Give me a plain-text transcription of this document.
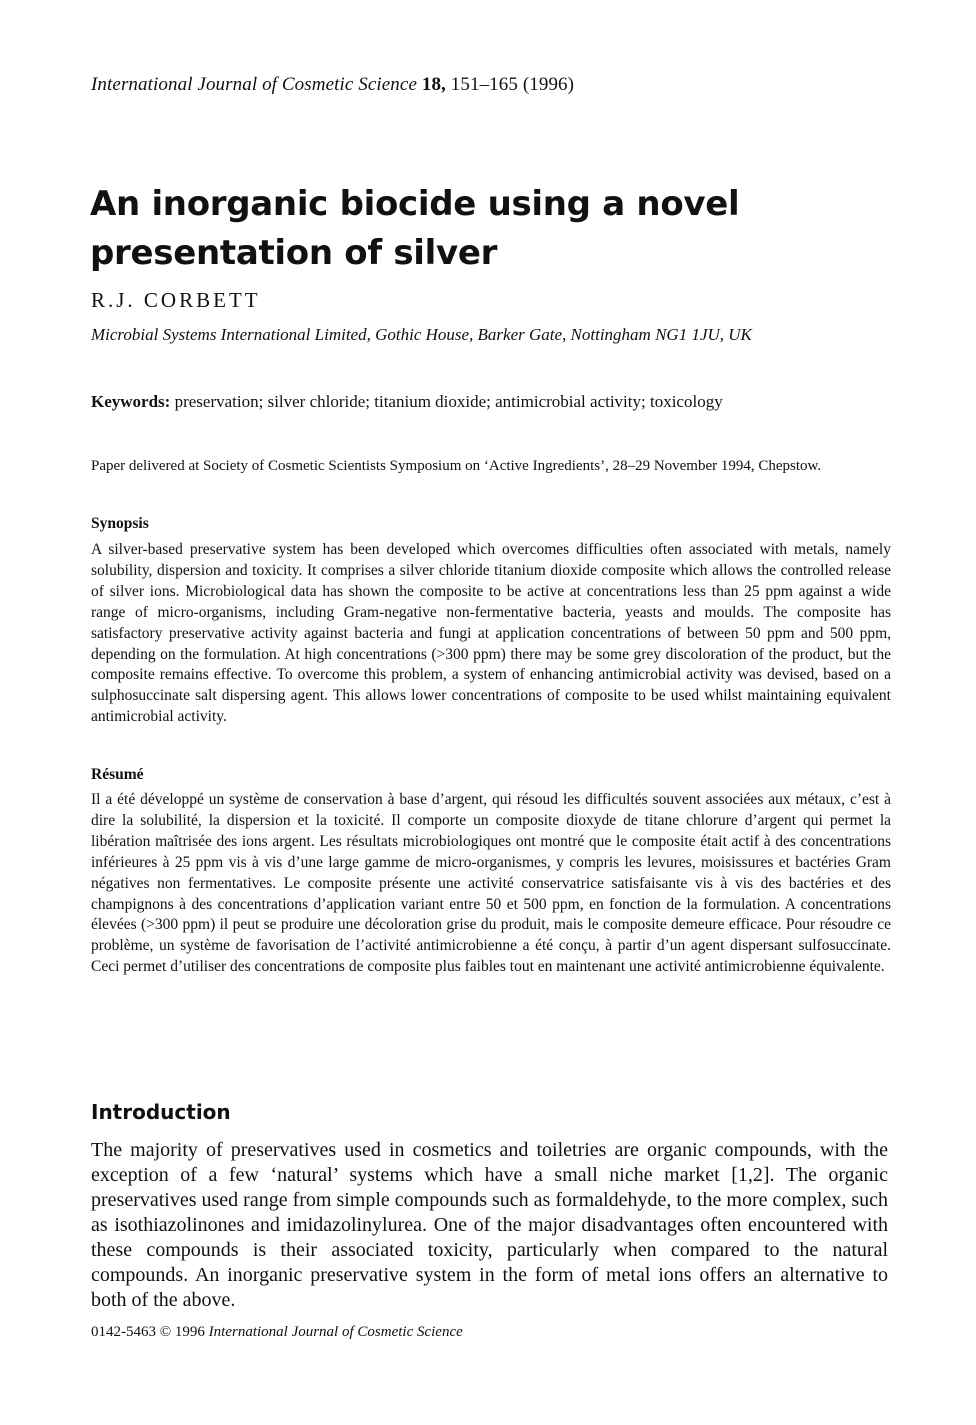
International Journal of Cosmetic Science 18, 151–165 (1996)
An inorganic biocide using a novel presentation of silver
R.J. CORBETT
Microbial Systems International Limited, Gothic House, Barker Gate, Nottingham NG1 1JU, UK
Keywords: preservation; silver chloride; titanium dioxide; antimicrobial activity; toxicology
Paper delivered at Society of Cosmetic Scientists Symposium on ‘Active Ingredients’, 28–29 November 1994, Chepstow.
Synopsis

A silver-based preservative system has been developed which overcomes difficulties often associated with metals, namely solubility, dispersion and toxicity. It comprises a silver chloride titanium dioxide composite which allows the controlled release of silver ions. Microbiological data has shown the composite to be active at concentrations less than 25 ppm against a wide range of micro-organisms, including Gram-negative non-fermentative bacteria, yeasts and moulds. The composite has satisfactory preservative activity against bacteria and fungi at application concentrations of between 50 ppm and 500 ppm, depending on the formulation. At high concentrations (>300 ppm) there may be some grey discoloration of the product, but the composite remains effective. To overcome this problem, a system of enhancing antimicrobial activity was devised, based on a sulphosuccinate salt dispersing agent. This allows lower concentrations of composite to be used whilst maintaining equivalent antimicrobial activity.

Résumé

Il a été développé un système de conservation à base d’argent, qui résoud les difficultés souvent associées aux métaux, c’est à dire la solubilité, la dispersion et la toxicité. Il comporte un composite dioxyde de titane chlorure d’argent qui permet la libération maîtrisée des ions argent. Les résultats microbiologiques ont montré que le composite était actif à des concentrations inférieures à 25 ppm vis à vis d’une large gamme de micro-organismes, y compris les levures, moisissures et bactéries Gram négatives non fermentatives. Le composite présente une activité conservatrice satisfaisante vis à vis des bactéries et des champignons à des concentrations d’application variant entre 50 et 500 ppm, en fonction de la formulation. A concentrations élevées (>300 ppm) il peut se produire une décoloration grise du produit, mais le composite demeure efficace. Pour résoudre ce problème, un système de favorisation de l’activité antimicrobienne a été conçu, à partir d’un agent dispersant sulfosuccinate. Ceci permet d’utiliser des concentrations de composite plus faibles tout en maintenant une activité antimicrobienne équivalente.

Introduction

The majority of preservatives used in cosmetics and toiletries are organic compounds, with the exception of a few ‘natural’ systems which have a small niche market [1,2]. The organic preservatives used range from simple compounds such as formaldehyde, to the more complex, such as isothiazolinones and imidazolinylurea. One of the major disadvantages often encountered with these compounds is their associated toxicity, particularly when compared to the natural compounds. An inorganic preservative system in the form of metal ions offers an alternative to both of the above.

0142-5463 © 1996 International Journal of Cosmetic Science
